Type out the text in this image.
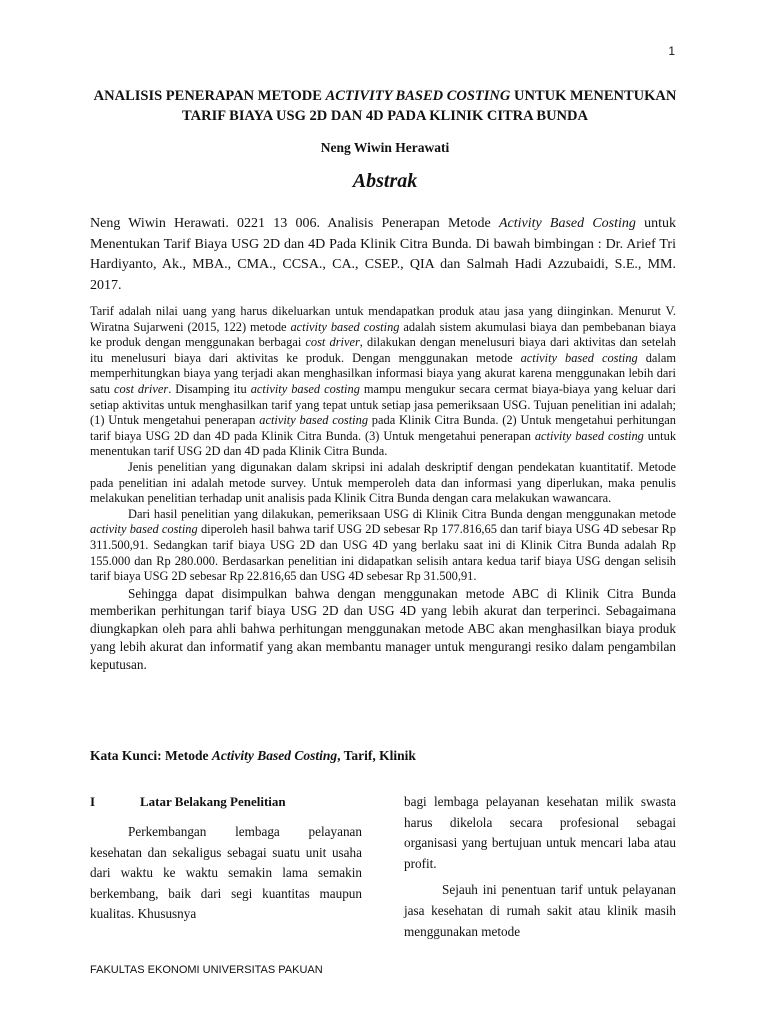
1
ANALISIS PENERAPAN METODE ACTIVITY BASED COSTING UNTUK MENENTUKAN TARIF BIAYA USG 2D DAN 4D PADA KLINIK CITRA BUNDA
Neng Wiwin Herawati
Abstrak

Neng Wiwin Herawati. 0221 13 006. Analisis Penerapan Metode Activity Based Costing untuk Menentukan Tarif Biaya USG 2D dan 4D Pada Klinik Citra Bunda. Di bawah bimbingan : Dr. Arief Tri Hardiyanto, Ak., MBA., CMA., CCSA., CA., CSEP., QIA dan Salmah Hadi Azzubaidi, S.E., MM. 2017.

Tarif adalah nilai uang yang harus dikeluarkan untuk mendapatkan produk atau jasa yang diinginkan. Menurut V. Wiratna Sujarweni (2015, 122) metode activity based costing adalah sistem akumulasi biaya dan pembebanan biaya ke produk dengan menggunakan berbagai cost driver, dilakukan dengan menelusuri biaya dari aktivitas dan setelah itu menelusuri biaya dari aktivitas ke produk. Dengan menggunakan metode activity based costing dalam memperhitungkan biaya yang terjadi akan menghasilkan informasi biaya yang akurat karena menggunakan lebih dari satu cost driver. Disamping itu activity based costing mampu mengukur secara cermat biaya-biaya yang keluar dari setiap aktivitas untuk menghasilkan tarif yang tepat untuk setiap jasa pemeriksaan USG. Tujuan penelitian ini adalah; (1) Untuk mengetahui penerapan activity based costing pada Klinik Citra Bunda. (2) Untuk mengetahui perhitungan tarif biaya USG 2D dan 4D pada Klinik Citra Bunda. (3) Untuk mengetahui penerapan activity based costing untuk menentukan tarif USG 2D dan 4D pada Klinik Citra Bunda.

Jenis penelitian yang digunakan dalam skripsi ini adalah deskriptif dengan pendekatan kuantitatif. Metode pada penelitian ini adalah metode survey. Untuk memperoleh data dan informasi yang diperlukan, maka penulis melakukan penelitian terhadap unit analisis pada Klinik Citra Bunda dengan cara melakukan wawancara.

Dari hasil penelitian yang dilakukan, pemeriksaan USG di Klinik Citra Bunda dengan menggunakan metode activity based costing diperoleh hasil bahwa tarif USG 2D sebesar Rp 177.816,65 dan tarif biaya USG 4D sebesar Rp 311.500,91. Sedangkan tarif biaya USG 2D dan USG 4D yang berlaku saat ini di Klinik Citra Bunda adalah Rp 155.000 dan Rp 280.000. Berdasarkan penelitian ini didapatkan selisih antara kedua tarif biaya USG dengan selisih tarif biaya USG 2D sebesar Rp 22.816,65 dan USG 4D sebesar Rp 31.500,91.

Sehingga dapat disimpulkan bahwa dengan menggunakan metode ABC di Klinik Citra Bunda memberikan perhitungan tarif biaya USG 2D dan USG 4D yang lebih akurat dan terperinci. Sebagaimana diungkapkan oleh para ahli bahwa perhitungan menggunakan metode ABC akan menghasilkan biaya produk yang lebih akurat dan informatif yang akan membantu manager untuk mengurangi resiko dalam pengambilan keputusan.

Kata Kunci: Metode Activity Based Costing, Tarif, Klinik
I	Latar Belakang Penelitian

Perkembangan lembaga pelayanan kesehatan dan sekaligus sebagai suatu unit usaha dari waktu ke waktu semakin lama semakin berkembang, baik dari segi kuantitas maupun kualitas. Khususnya

bagi lembaga pelayanan kesehatan milik swasta harus dikelola secara profesional sebagai organisasi yang bertujuan untuk mencari laba atau profit.

Sejauh ini penentuan tarif untuk pelayanan jasa kesehatan di rumah sakit atau klinik masih menggunakan metode

FAKULTAS EKONOMI UNIVERSITAS PAKUAN
